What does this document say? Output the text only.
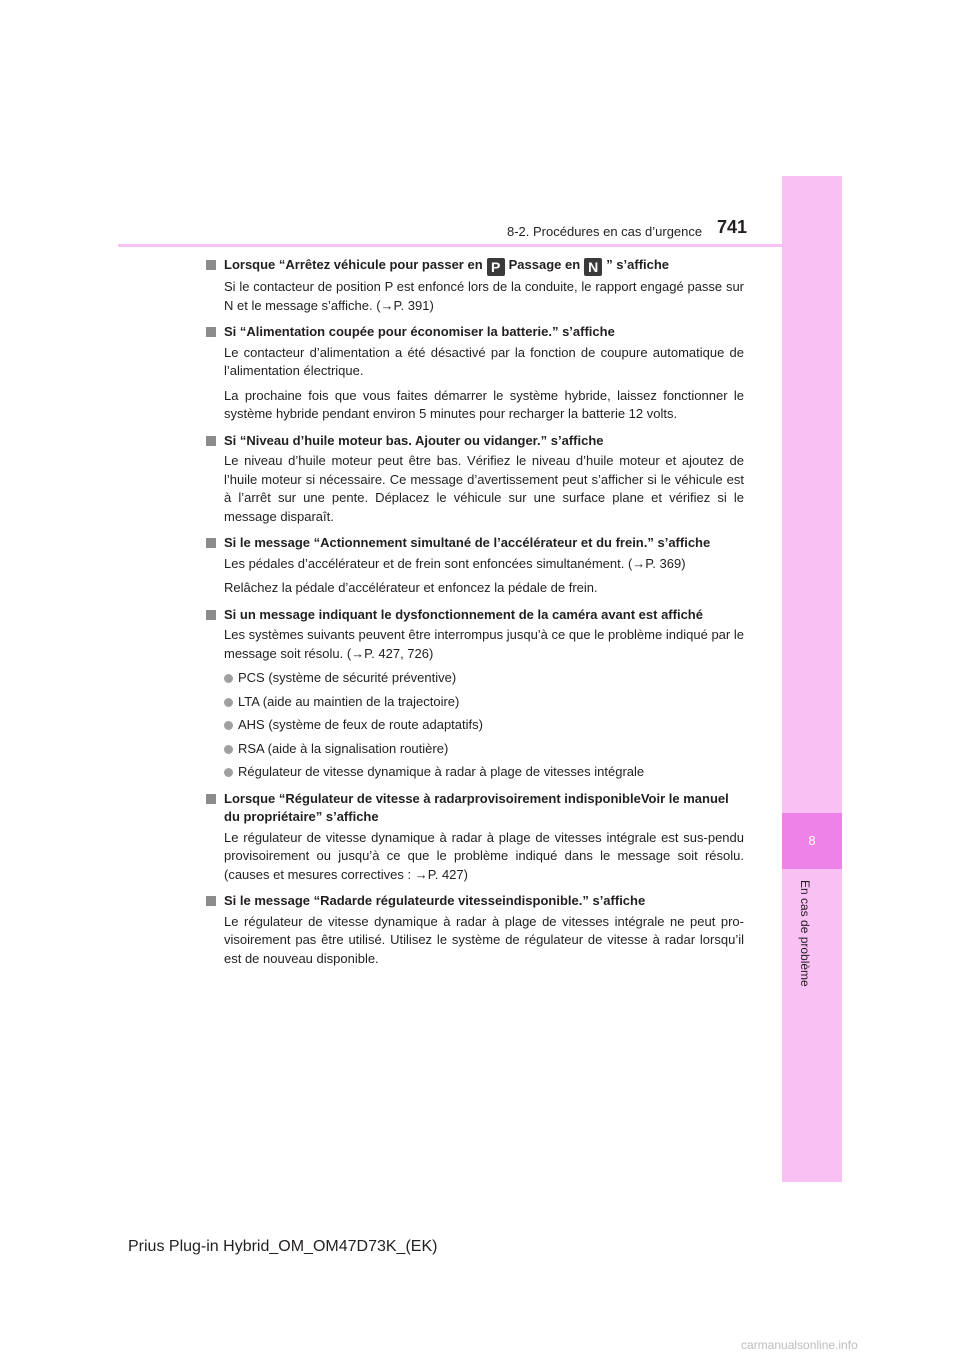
8
En cas de problème
8-2. Procédures en cas d’urgence 741
Lorsque “Arrêtez véhicule pour passer en P Passage en N ” s’affiche
Si le contacteur de position P est enfoncé lors de la conduite, le rapport engagé passe sur N et le message s’affiche. (→P. 391)
Si “Alimentation coupée pour économiser la batterie.” s’affiche
Le contacteur d’alimentation a été désactivé par la fonction de coupure automatique de l’alimentation électrique.
La prochaine fois que vous faites démarrer le système hybride, laissez fonctionner le système hybride pendant environ 5 minutes pour recharger la batterie 12 volts.
Si “Niveau d’huile moteur bas. Ajouter ou vidanger.” s’affiche
Le niveau d’huile moteur peut être bas. Vérifiez le niveau d’huile moteur et ajoutez de l’huile moteur si nécessaire. Ce message d’avertissement peut s’afficher si le véhicule est à l’arrêt sur une pente. Déplacez le véhicule sur une surface plane et vérifiez si le message disparaît.
Si le message “Actionnement simultané de l’accélérateur et du frein.” s’affiche
Les pédales d’accélérateur et de frein sont enfoncées simultanément. (→P. 369)
Relâchez la pédale d’accélérateur et enfoncez la pédale de frein.
Si un message indiquant le dysfonctionnement de la caméra avant est affiché
Les systèmes suivants peuvent être interrompus jusqu’à ce que le problème indiqué par le message soit résolu. (→P. 427, 726)
PCS (système de sécurité préventive)
LTA (aide au maintien de la trajectoire)
AHS (système de feux de route adaptatifs)
RSA (aide à la signalisation routière)
Régulateur de vitesse dynamique à radar à plage de vitesses intégrale
Lorsque “Régulateur de vitesse à radarprovisoirement indisponibleVoir le manuel du propriétaire” s’affiche
Le régulateur de vitesse dynamique à radar à plage de vitesses intégrale est sus-pendu provisoirement ou jusqu’à ce que le problème indiqué dans le message soit résolu. (causes et mesures correctives : →P. 427)
Si le message “Radarde régulateurde vitesseindisponible.” s’affiche
Le régulateur de vitesse dynamique à radar à plage de vitesses intégrale ne peut pro-visoirement pas être utilisé. Utilisez le système de régulateur de vitesse à radar lorsqu’il est de nouveau disponible.
Prius Plug-in Hybrid_OM_OM47D73K_(EK)
carmanualsonline.info
